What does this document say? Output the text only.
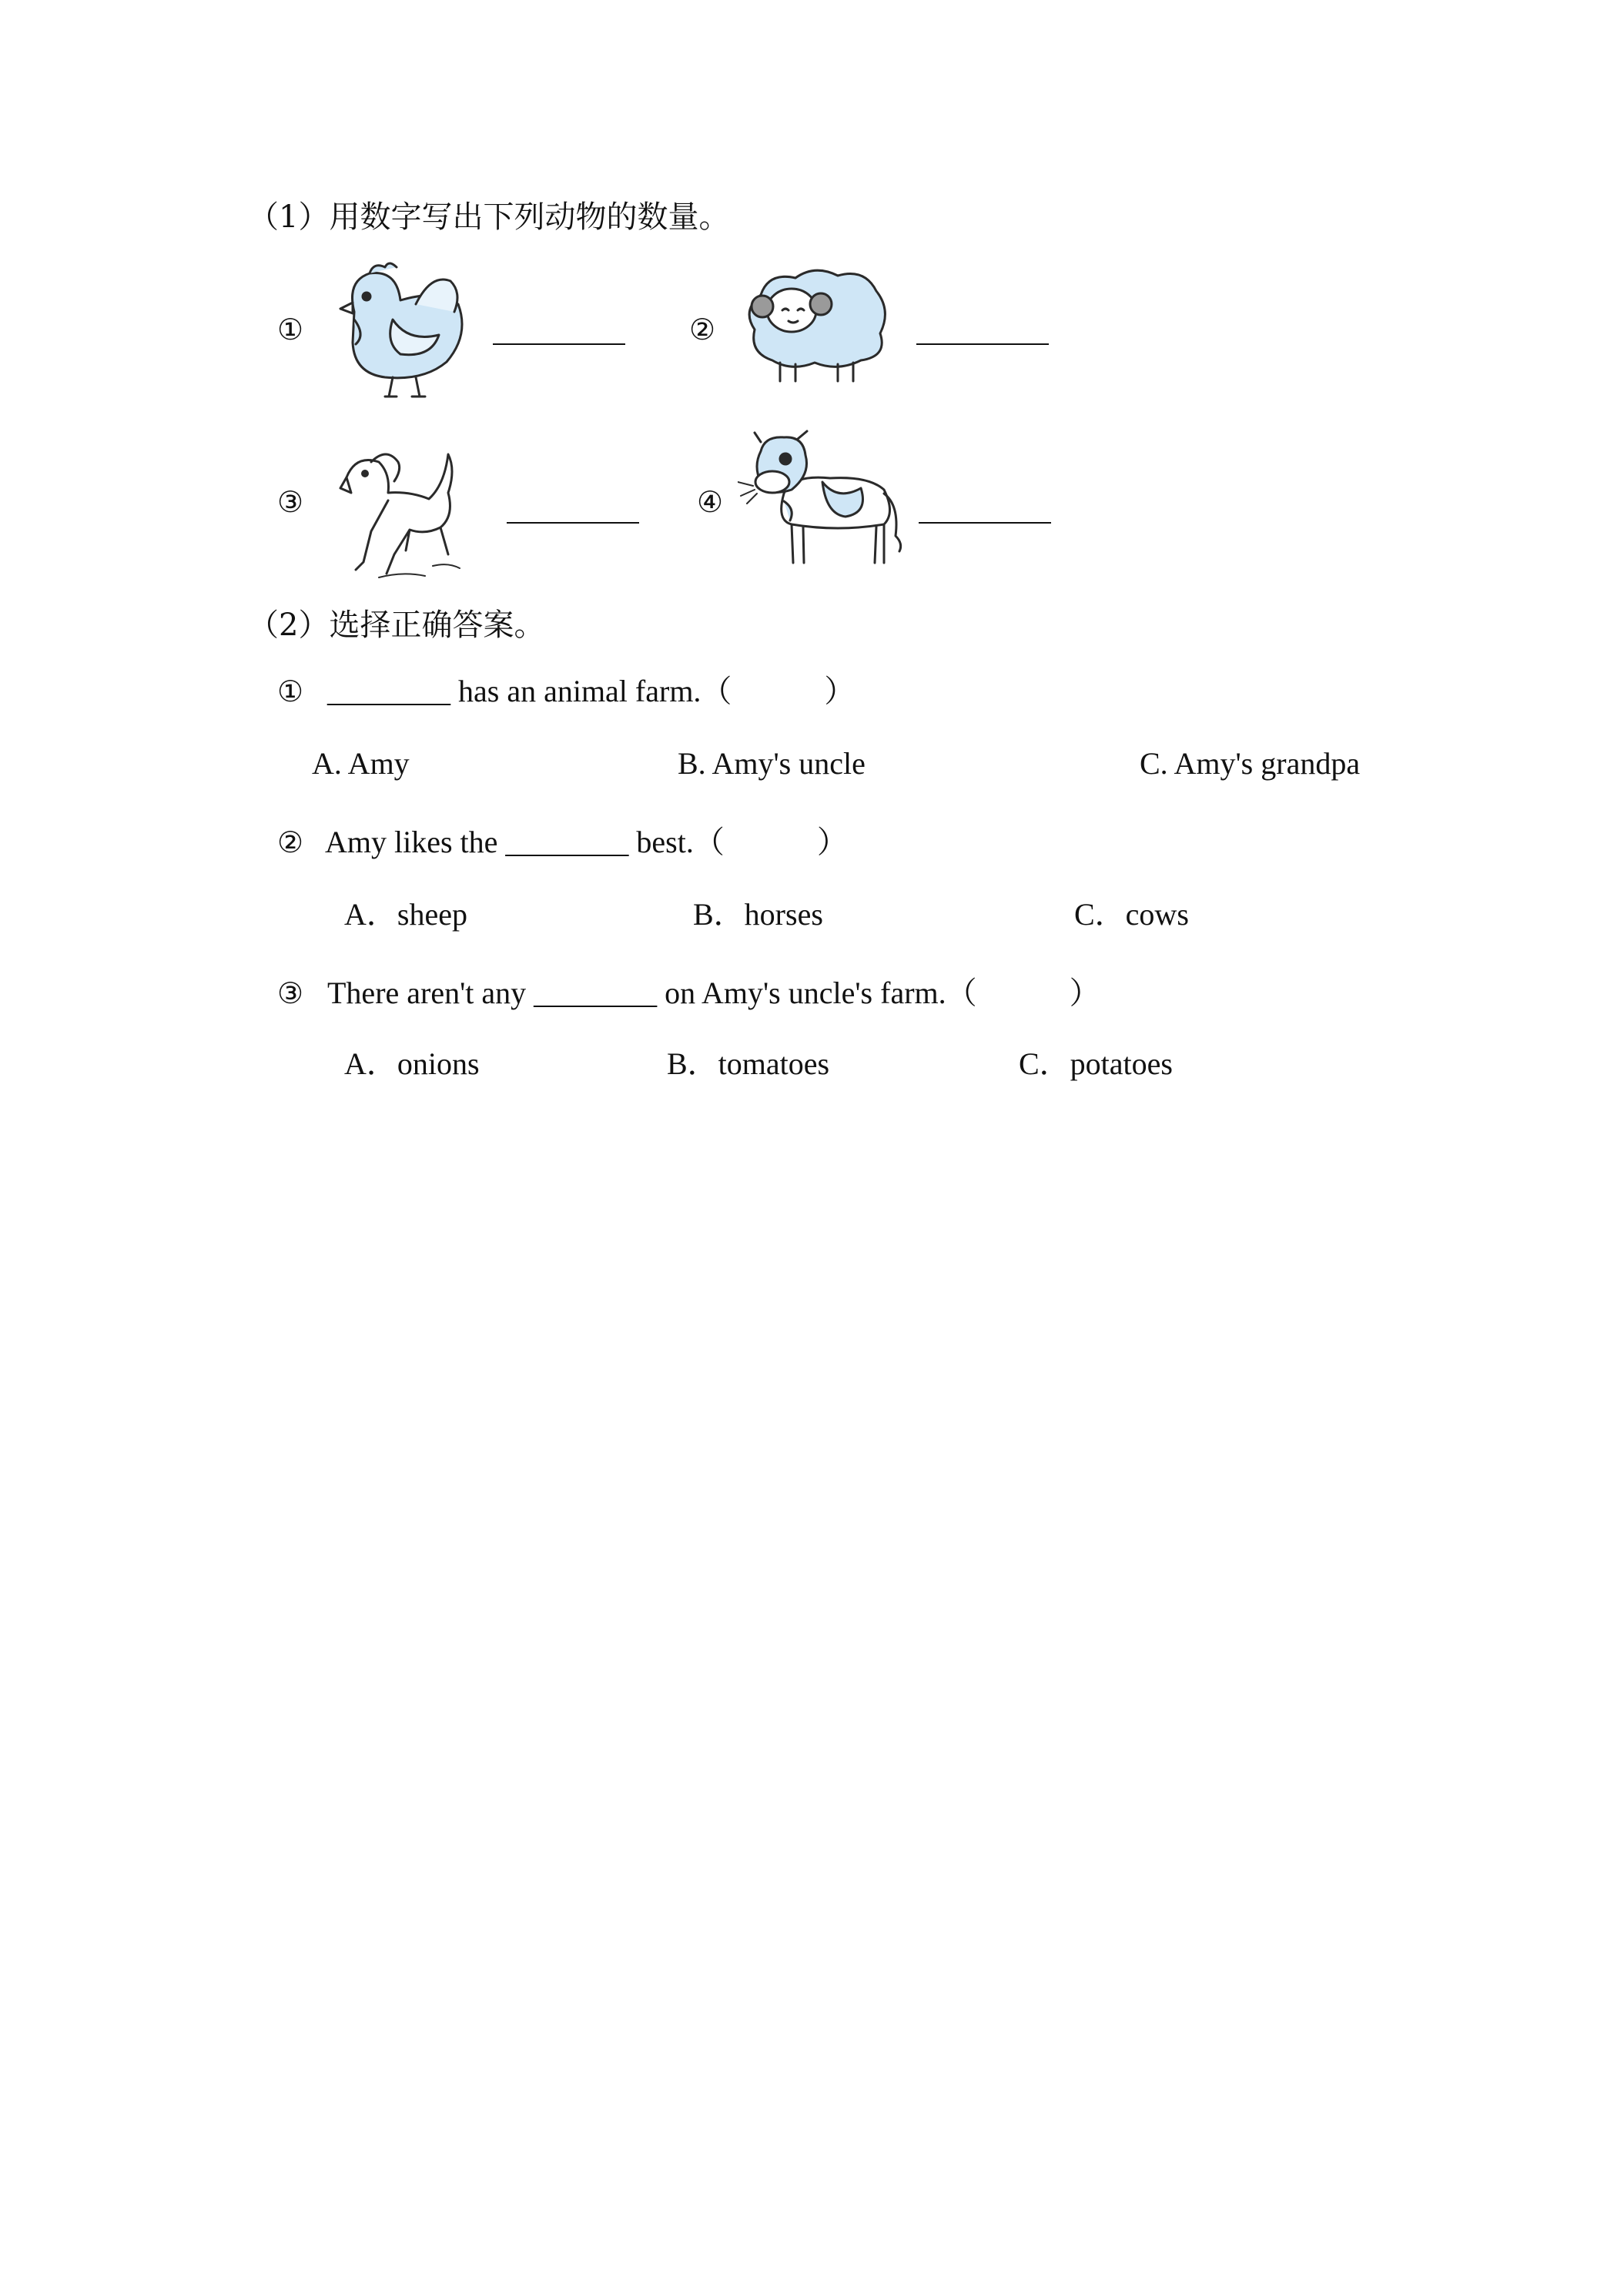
（1）用数字写出下列动物的数量。
①	②
③	④
（2）选择正确答案。
① ________ has an animal farm.（　　　）
A. Amy	B. Amy's uncle	C. Amy's grandpa
② Amy likes the ________ best.（　　　）
A．sheep	B．horses	C．cows
③ There aren't any ________ on Amy's uncle's farm.（　　　）
A．onions	B．tomatoes	C．potatoes
